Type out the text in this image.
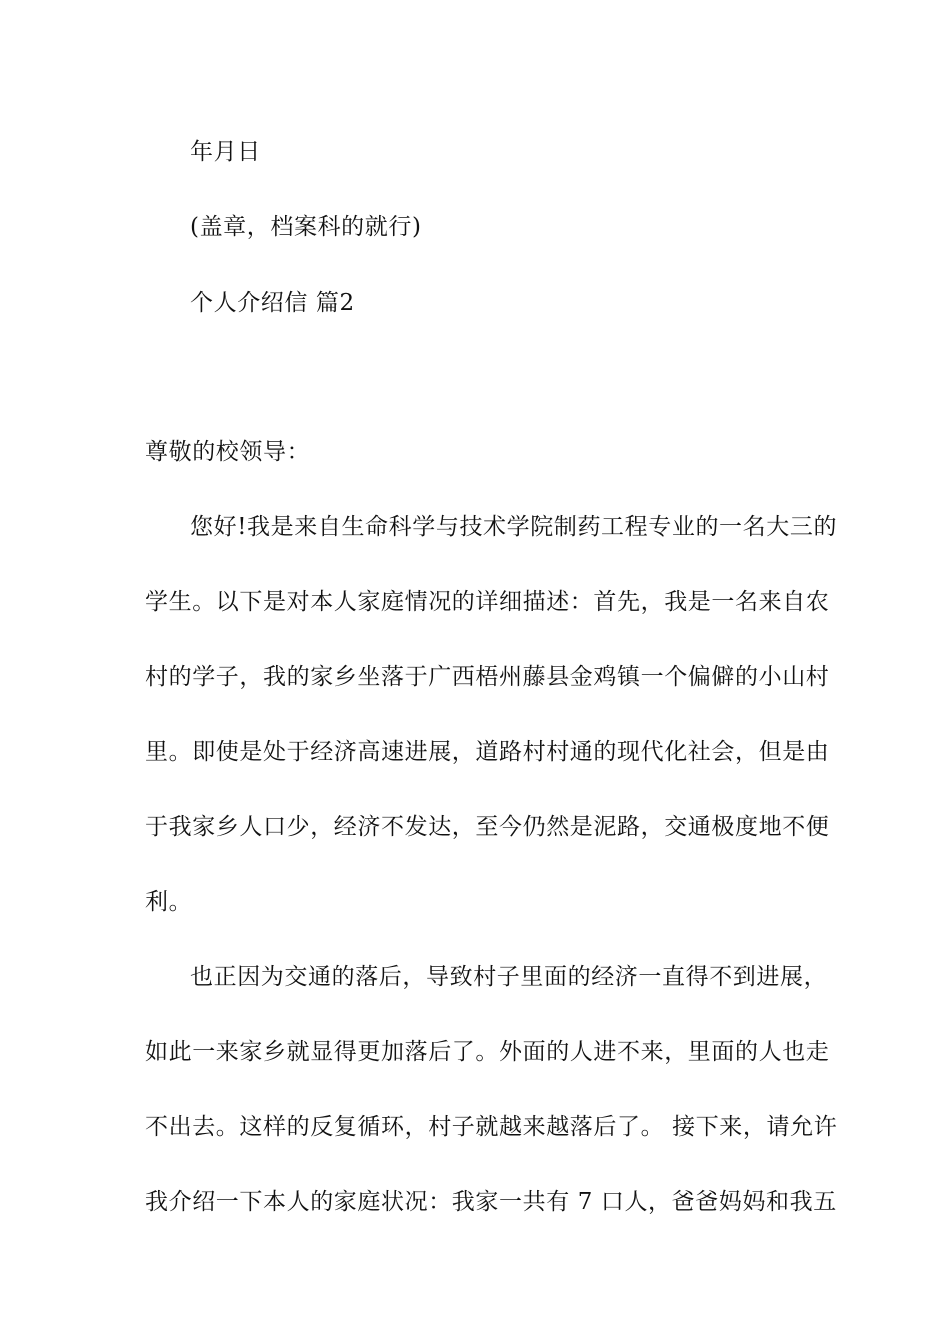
年月日
(盖章，档案科的就行)
个人介绍信 篇2
尊敬的校领导：
您好!我是来自生命科学与技术学院制药工程专业的一名大三的
学生。以下是对本人家庭情况的详细描述：首先，我是一名来自农
村的学子，我的家乡坐落于广西梧州藤县金鸡镇一个偏僻的小山村
里。即使是处于经济高速进展，道路村村通的现代化社会，但是由
于我家乡人口少，经济不发达，至今仍然是泥路，交通极度地不便
利。
也正因为交通的落后，导致村子里面的经济一直得不到进展，
如此一来家乡就显得更加落后了。外面的人进不来，里面的人也走
不出去。这样的反复循环，村子就越来越落后了。 接下来，请允许
我介绍一下本人的家庭状况：我家一共有 7 口人，爸爸妈妈和我五
